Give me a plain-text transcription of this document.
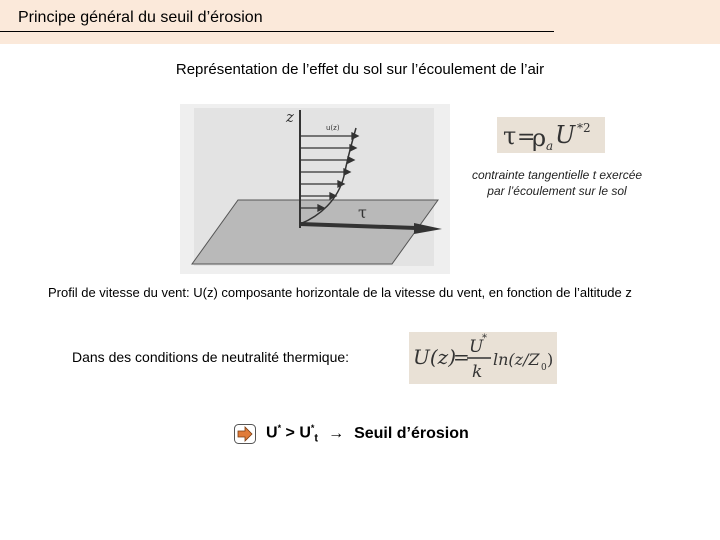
Principe général du seuil d’érosion
Représentation de l’effet du sol sur l’écoulement de l’air
z
u(z)
τ
τ =
ρ a U *2
contrainte tangentielle t exercée
par l’écoulement sur le sol
Profil de vitesse du vent: U(z) composante horizontale de la vitesse du vent, en fonction de l’altitude z
Dans des conditions de neutralité thermique:	U(z)
= U
*
k
ln(z/Z 0 )
$U^* > U^*_t$ → Seuil d’érosion
